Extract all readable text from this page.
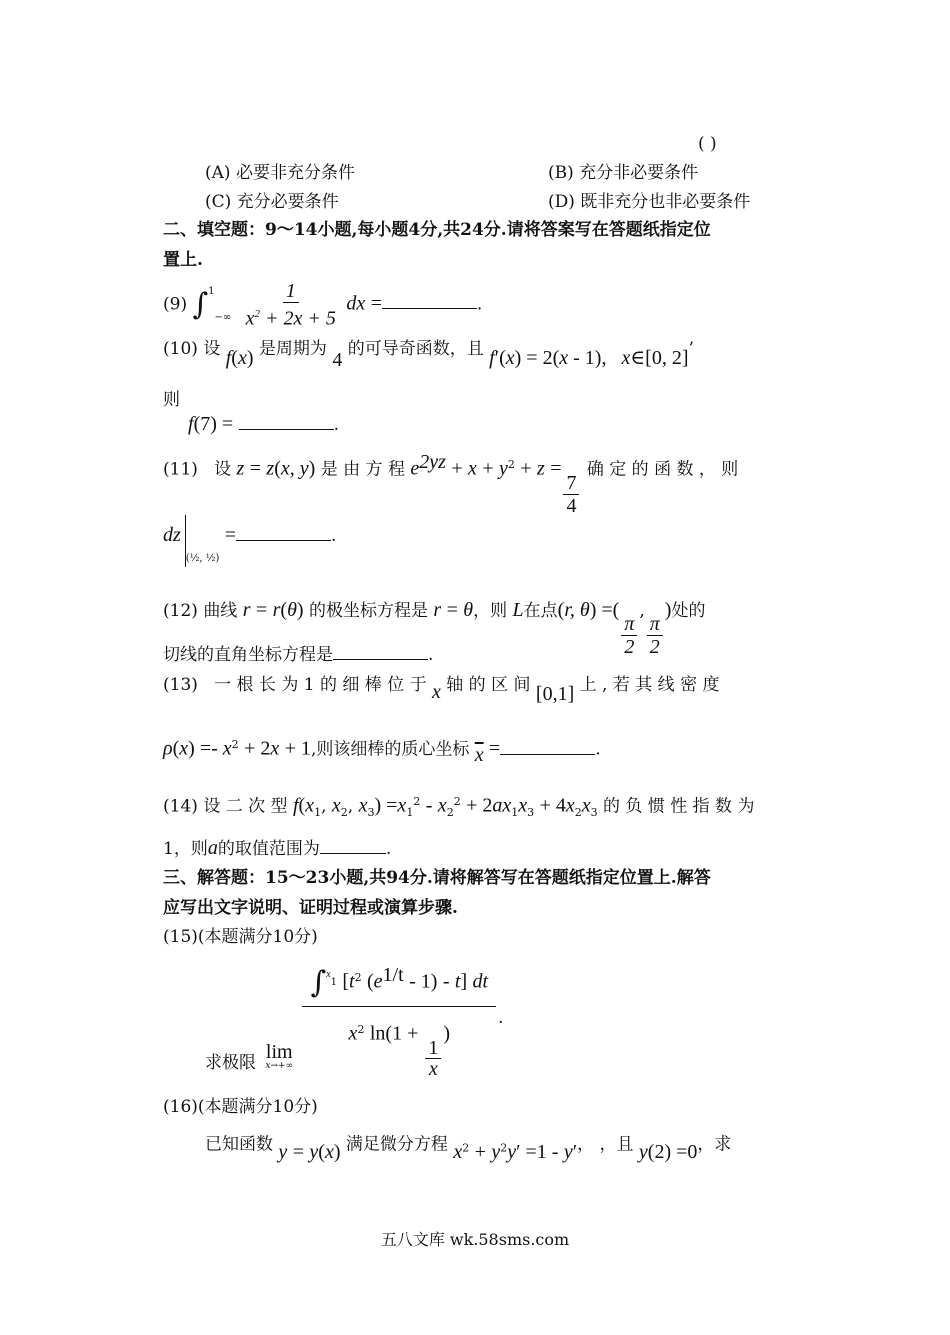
( )
(A) 必要非充分条件	(B) 充分非必要条件
(C) 充分必要条件	(D) 既非充分也非必要条件
二、填空题：9～14小题,每小题4分,共24分.请将答案写在答题纸指定位
置上.
(9) $\int^1-\infty \frac{1}{x^2 + 2x + 5}$ dx =	.
(10) 设 f(x) 是周期为 4 的可导奇函数，且 f′(x) = 2(x - 1),   x∈[0, 2]’
则
f(7) =	.
(11) 设 z = z(x, y) 是 由 方 程 $e^{2yz} + x + y^2 + z$ =
$\frac{7}{4}$
确 定 的 函 数 ， 则
$dz_{(\frac{1}{2}, \frac{1}{2})}$ =	.
(12) 曲线 r = r(θ) 的极坐标方程是 r = θ，则 L在点(r, θ) =(
$\frac{\pi}{2}$
,
$\frac{\pi}{2}$
)处的
切线的直角坐标方程是	.
(13) 一 根 长 为 1 的 细 棒 位 于 x 轴 的 区 间 [0,1] 上 , 若 其 线 密 度
$\rho(x) =- x^2 + 2x + 1$,则该细棒的质心坐标 $\overline{x}$ =	.
(14) 设 二 次 型 $f(x_1$, $x_2$, $x_3) =x_1^2 - x_2^2 + 2ax_1x_3 + 4x_2x_3$ 的 负 惯 性 指 数 为
1，则a的取值范围为	.
三、解答题：15～23小题,共94分.请将解答写在答题纸指定位置上.解答
应写出文字说明、证明过程或演算步骤.
(15)(本题满分10分)
求极限 lim
x→+∞
∫$^x$1 [$t^2$ $(e^{1/t} - 1) - t$] dt
$x^2$ ln(1 +
$\frac{1}{x}$
) .
(16)(本题满分10分)
已知函数 y = y(x) 满足微分方程 $x^2 + y^2y' =1 - y'$， ，且 y(2) =0，求
五八文库 wk.58sms.com
